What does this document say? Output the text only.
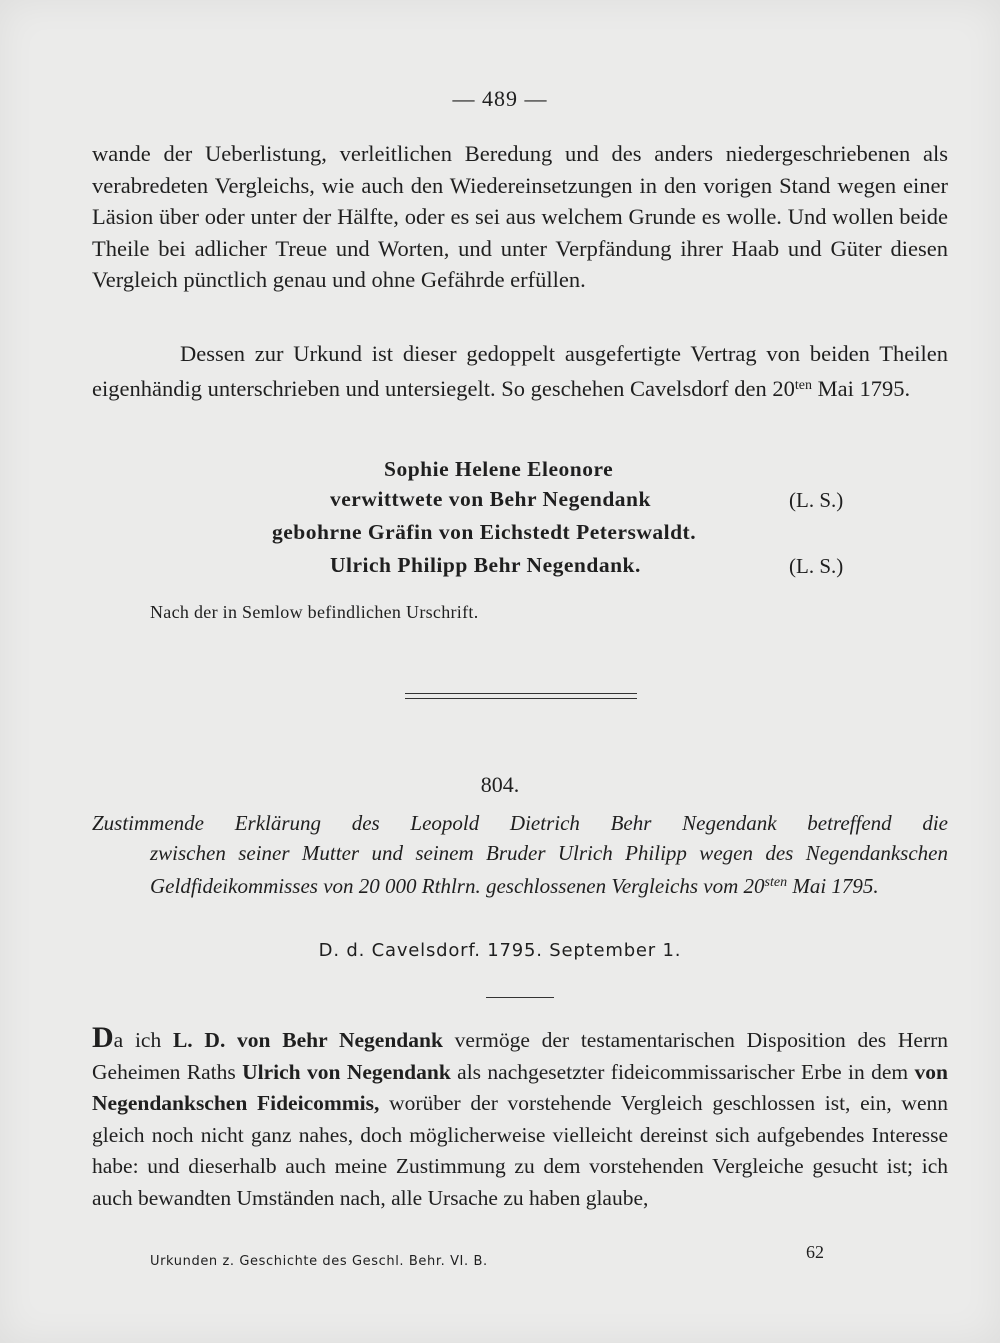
— 489 —

wande der Ueberlistung, verleitlichen Beredung und des anders niedergeschriebenen als verabredeten Vergleichs, wie auch den Wiedereinsetzungen in den vorigen Stand wegen einer Läsion über oder unter der Hälfte, oder es sei aus welchem Grunde es wolle. Und wollen beide Theile bei adlicher Treue und Worten, und unter Verpfändung ihrer Haab und Güter diesen Vergleich pünctlich genau und ohne Gefährde erfüllen.

Dessen zur Urkund ist dieser gedoppelt ausgefertigte Vertrag von beiden Theilen eigenhändig unterschrieben und untersiegelt. So geschehen Cavelsdorf den $20^{ten}$ Mai 1795.

Sophie Helene Eleonore
verwittwete von Behr Negendank	(L. S.)
gebohrne Gräfin von Eichstedt Peterswaldt.
Ulrich Philipp Behr Negendank.	(L. S.)
Nach der in Semlow befindlichen Urschrift.
804.

Zustimmende Erklärung des Leopold Dietrich Behr Negendank betreffend die

zwischen seiner Mutter und seinem Bruder Ulrich Philipp wegen des Negendankschen Geldfideikommisses von 20 000 Rthlrn. geschlossenen Vergleichs vom $20^{sten}$ Mai 1795.

D. d. Cavelsdorf. 1795. September 1.

Da ich L. D. von Behr Negendank vermöge der testamentarischen Disposition des Herrn Geheimen Raths Ulrich von Negendank als nachgesetzter fideicommissarischer Erbe in dem von Negendankschen Fideicommis, worüber der vorstehende Vergleich geschlossen ist, ein, wenn gleich noch nicht ganz nahes, doch möglicherweise vielleicht dereinst sich aufgebendes Interesse habe: und dieserhalb auch meine Zustimmung zu dem vorstehenden Vergleiche gesucht ist; ich auch bewandten Umständen nach, alle Ursache zu haben glaube,

Urkunden z. Geschichte des Geschl. Behr. VI. B.	62
